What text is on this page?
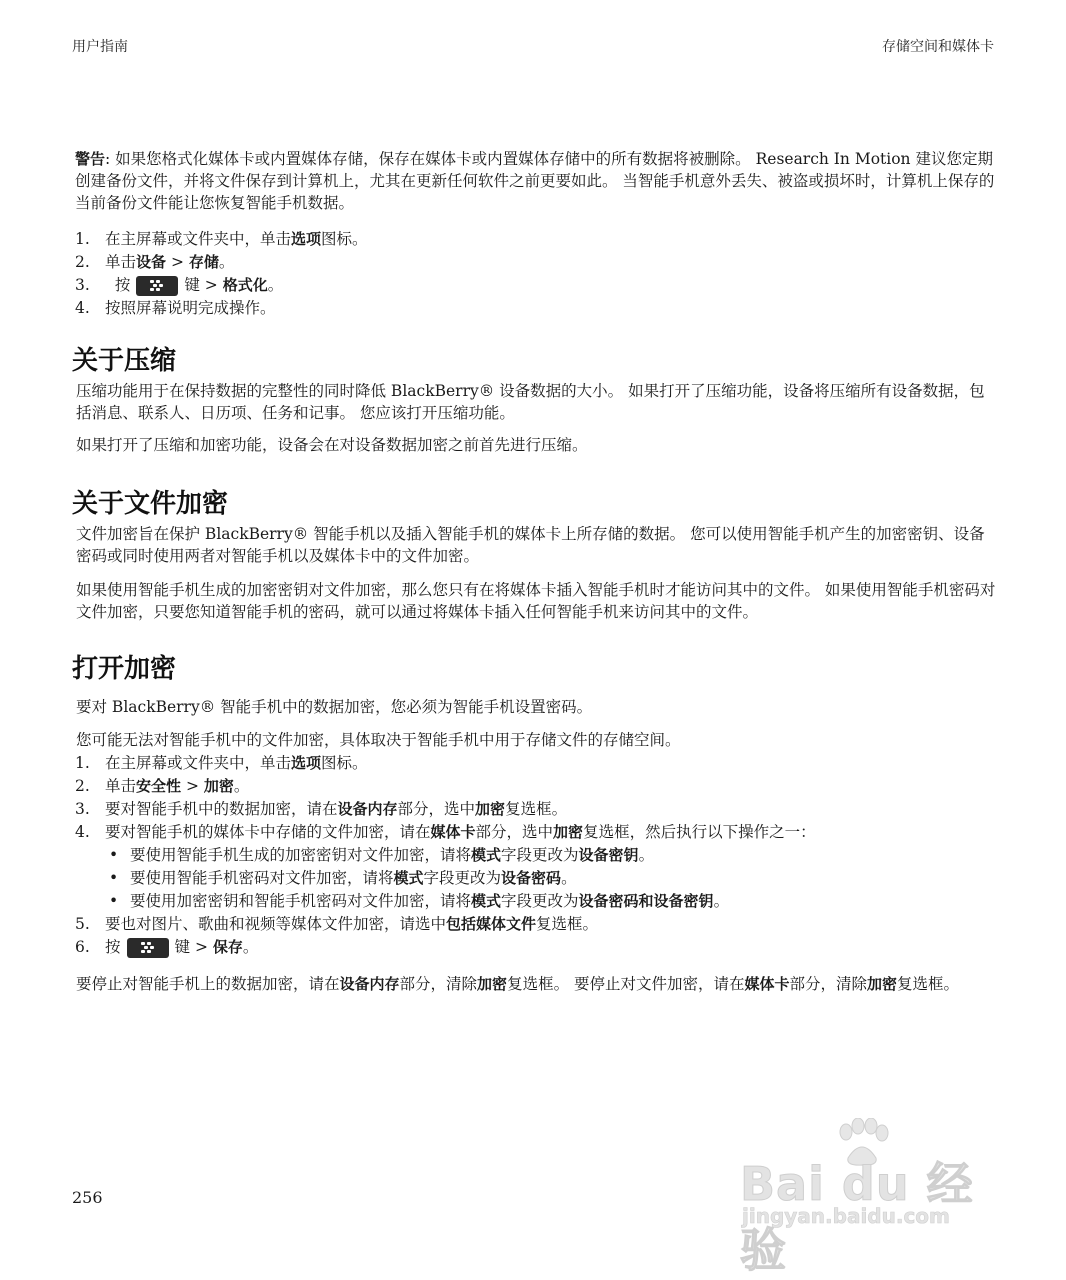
用户指南	存储空间和媒体卡

警告: 如果您格式化媒体卡或内置媒体存储，保存在媒体卡或内置媒体存储中的所有数据将被删除。 Research In Motion 建议您定期创建备份文件，并将文件保存到计算机上，尤其在更新任何软件之前更要如此。 当智能手机意外丢失、被盗或损坏时，计算机上保存的当前备份文件能让您恢复智能手机数据。

1. 在主屏幕或文件夹中，单击选项图标。
2. 单击设备 > 存储。
3. 按	键 > 格式化。
4. 按照屏幕说明完成操作。
关于压缩

压缩功能用于在保持数据的完整性的同时降低 BlackBerry® 设备数据的大小。 如果打开了压缩功能，设备将压缩所有设备数据，包括消息、联系人、日历项、任务和记事。 您应该打开压缩功能。

如果打开了压缩和加密功能，设备会在对设备数据加密之前首先进行压缩。

关于文件加密

文件加密旨在保护 BlackBerry® 智能手机以及插入智能手机的媒体卡上所存储的数据。 您可以使用智能手机产生的加密密钥、设备密码或同时使用两者对智能手机以及媒体卡中的文件加密。

如果使用智能手机生成的加密密钥对文件加密，那么您只有在将媒体卡插入智能手机时才能访问其中的文件。 如果使用智能手机密码对文件加密，只要您知道智能手机的密码，就可以通过将媒体卡插入任何智能手机来访问其中的文件。

打开加密

要对 BlackBerry® 智能手机中的数据加密，您必须为智能手机设置密码。

您可能无法对智能手机中的文件加密，具体取决于智能手机中用于存储文件的存储空间。

1. 在主屏幕或文件夹中，单击选项图标。
2. 单击安全性 > 加密。
3. 要对智能手机中的数据加密，请在设备内存部分，选中加密复选框。
4. 要对智能手机的媒体卡中存储的文件加密，请在媒体卡部分，选中加密复选框，然后执行以下操作之一：
• 要使用智能手机生成的加密密钥对文件加密，请将模式字段更改为设备密钥。
• 要使用智能手机密码对文件加密，请将模式字段更改为设备密码。
• 要使用加密密钥和智能手机密码对文件加密，请将模式字段更改为设备密码和设备密钥。
5. 要也对图片、歌曲和视频等媒体文件加密，请选中包括媒体文件复选框。
6. 按	键 > 保存。

要停止对智能手机上的数据加密，请在设备内存部分，清除加密复选框。 要停止对文件加密，请在媒体卡部分，清除加密复选框。

256	Bai du 经验
jingyan.baidu.com
